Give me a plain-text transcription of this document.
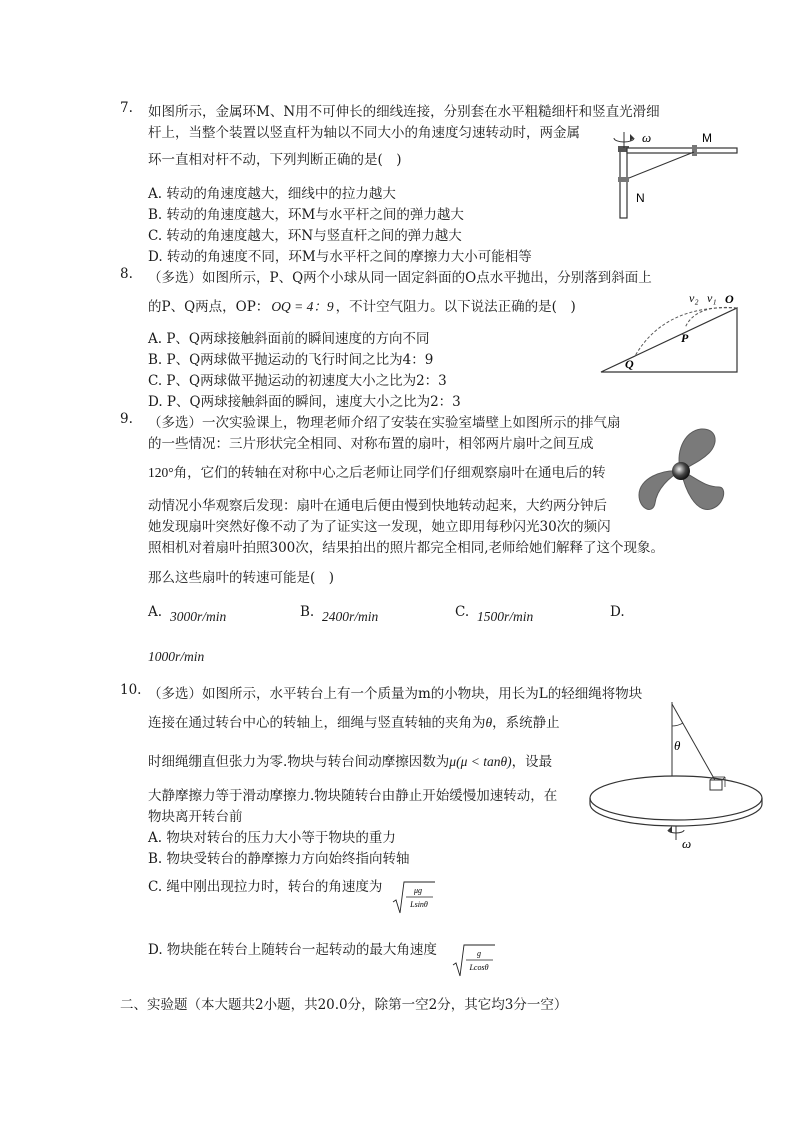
7. 如图所示，金属环M、N用不可伸长的细线连接，分别套在水平粗糙细杆和竖直光滑细
杆上，当整个装置以竖直杆为轴以不同大小的角速度匀速转动时，两金属
环一直相对杆不动，下列判断正确的是(　)
A. 转动的角速度越大，细线中的拉力越大
B. 转动的角速度越大，环M与水平杆之间的弹力越大
C. 转动的角速度越大，环N与竖直杆之间的弹力越大
D. 转动的角速度不同，环M与水平杆之间的摩擦力大小可能相等
ω	M
N
8. （多选）如图所示，P、Q两个小球从同一固定斜面的O点水平抛出，分别落到斜面上
的P、Q两点，OP： OQ = 4：9 ，不计空气阻力。以下说法正确的是(　)
A. P、Q两球接触斜面前的瞬间速度的方向不同
B. P、Q两球做平抛运动的飞行时间之比为4：9
C. P、Q两球做平抛运动的初速度大小之比为2：3
D. P、Q两球接触斜面的瞬间，速度大小之比为2：3
v₂ v₁ O
P
Q
9. （多选）一次实验课上，物理老师介绍了安装在实验室墙壁上如图所示的排气扇
的一些情况：三片形状完全相同、对称布置的扇叶，相邻两片扇叶之间互成
120°角，它们的转轴在对称中心之后老师让同学们仔细观察扇叶在通电后的转
动情况小华观察后发现：扇叶在通电后便由慢到快地转动起来，大约两分钟后
她发现扇叶突然好像不动了为了证实这一发现，她立即用每秒闪光30次的频闪
照相机对着扇叶拍照300次，结果拍出的照片都完全相同,老师给她们解释了这个现象。
那么这些扇叶的转速可能是(　)
A. 3000r/min	B. 2400r/min	C. 1500r/min	D.
1000r/min
10. （多选）如图所示，水平转台上有一个质量为m的小物块，用长为L的轻细绳将物块
连接在通过转台中心的转轴上，细绳与竖直转轴的夹角为θ，系统静止
时细绳绷直但张力为零.物块与转台间动摩擦因数为μ(μ < tanθ)，设最
大静摩擦力等于滑动摩擦力.物块随转台由静止开始缓慢加速转动，在
物块离开转台前
A. 物块对转台的压力大小等于物块的重力
B. 物块受转台的静摩擦力方向始终指向转轴
C. 绳中刚出现拉力时，转台的角速度为	μg
Lsinθ
D. 物块能在转台上随转台一起转动的最大角速度	g
Lcosθ
θ
ω
二、实验题（本大题共2小题，共20.0分，除第一空2分，其它均3分一空）
